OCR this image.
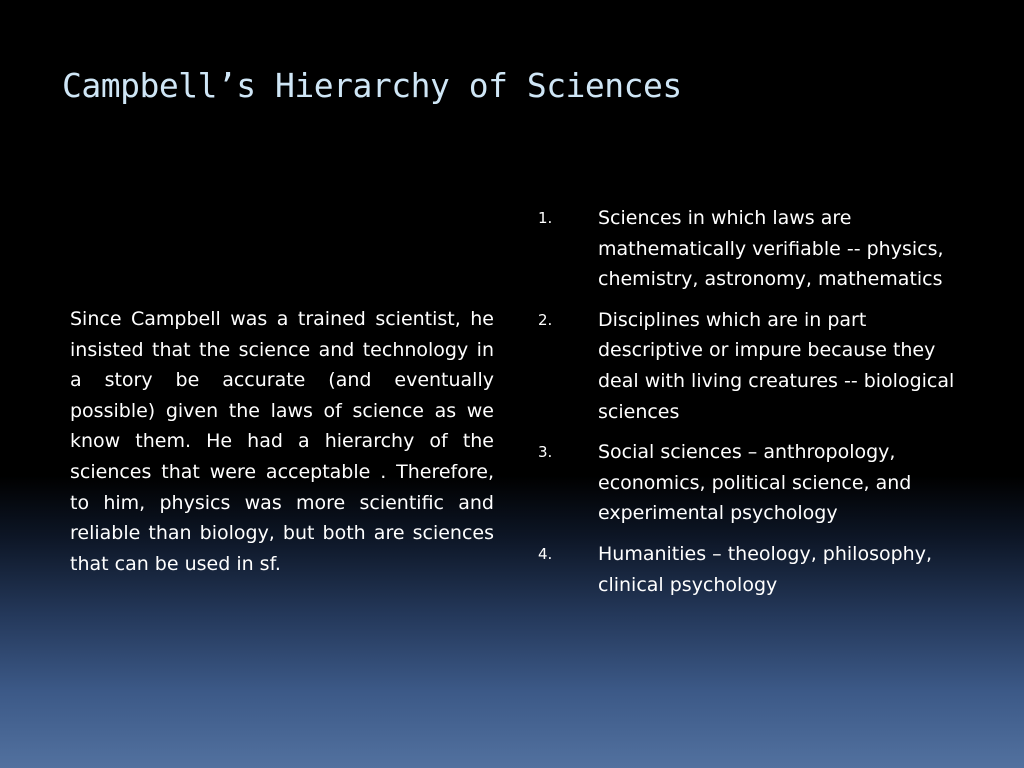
Campbell’s Hierarchy of Sciences

Since Campbell was a trained scientist, he insisted that the science and technology in a story be accurate (and eventually possible) given the laws of science as we know them. He had a hierarchy of the sciences that were acceptable . Therefore, to him, physics was more scientific and reliable than biology, but both are sciences that can be used in sf.

1.	Sciences in which laws are mathematically verifiable -- physics, chemistry, astronomy, mathematics
2.	Disciplines which are in part descriptive or impure because they deal with living creatures -- biological sciences
3.	Social sciences – anthropology, economics, political science, and experimental psychology
4.	Humanities – theology, philosophy, clinical psychology
